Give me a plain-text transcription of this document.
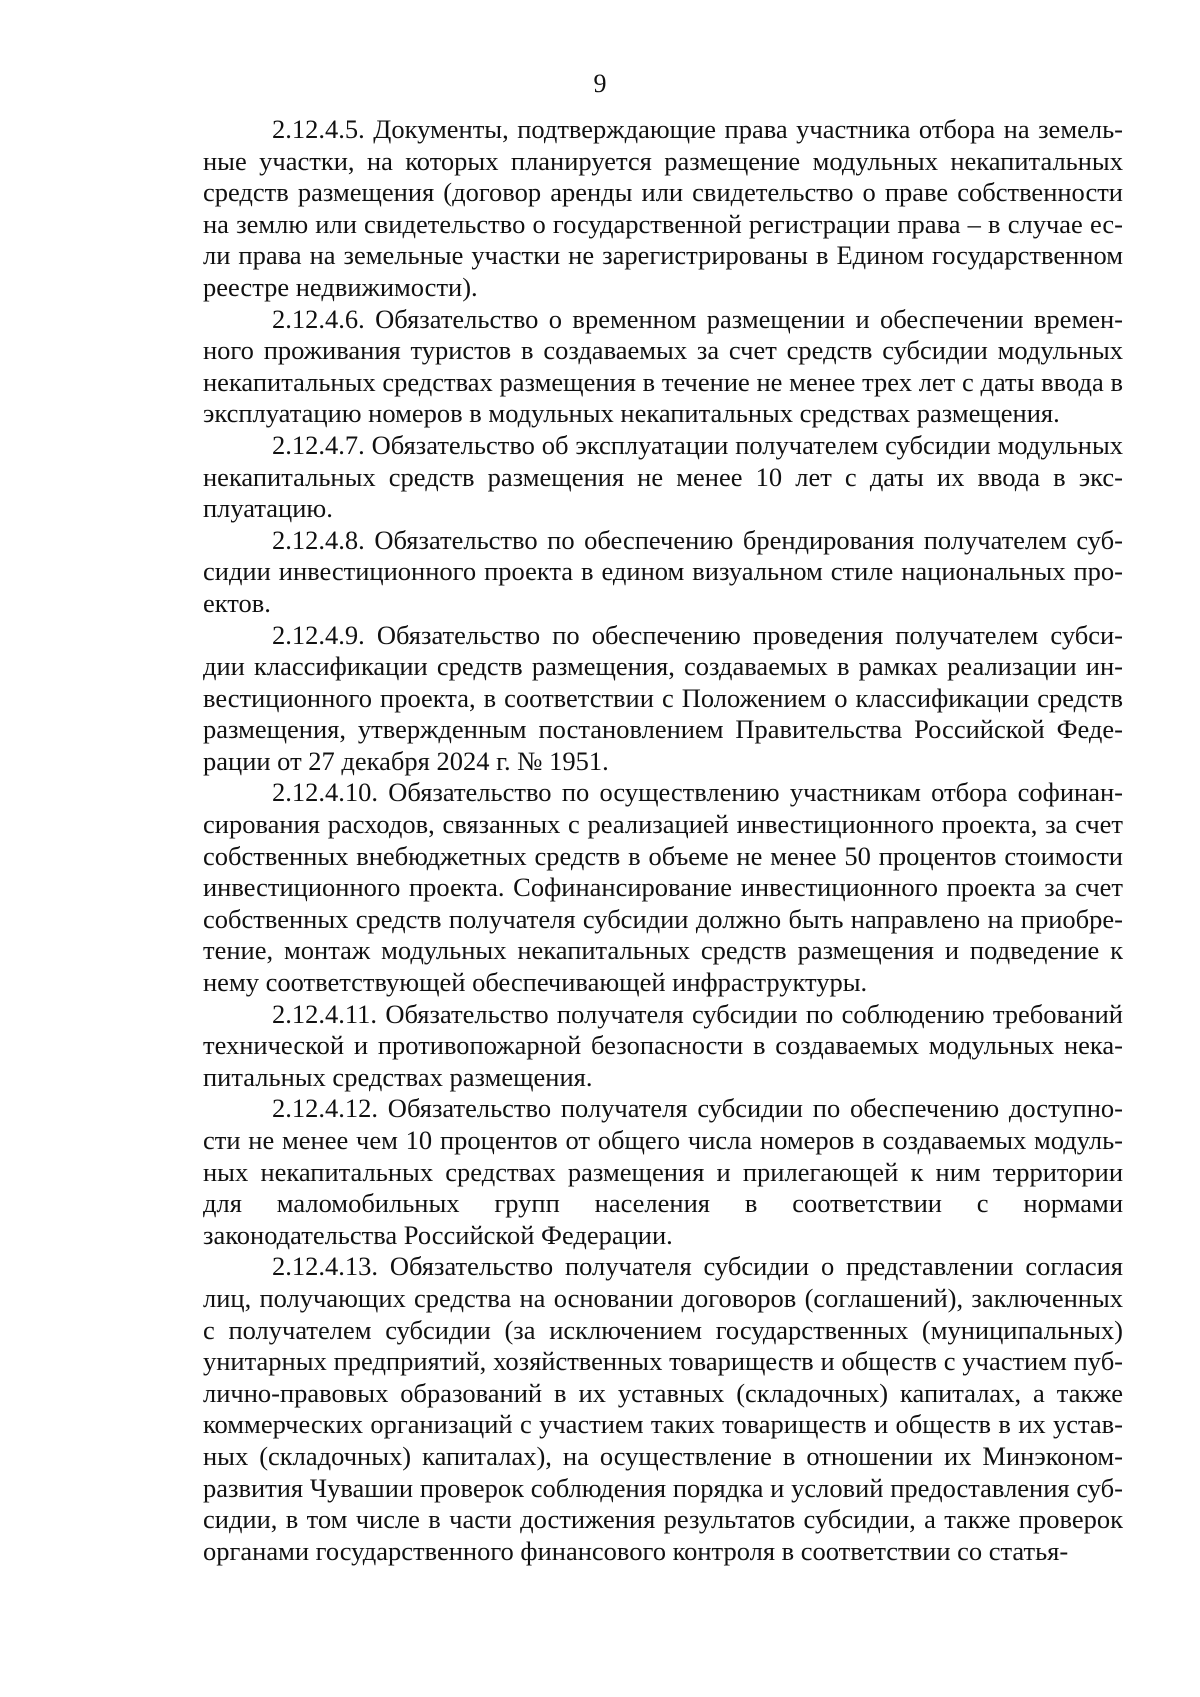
9

2.12.4.5. Документы, подтверждающие права участника отбора на земельные участки, на которых планируется размещение модульных некапитальных средств размещения (договор аренды или свидетельство о праве собственности на землю или свидетельство о государственной регистрации права – в случае если права на земельные участки не зарегистрированы в Едином государственном реестре недвижимости).

2.12.4.6. Обязательство о временном размещении и обеспечении временного проживания туристов в создаваемых за счет средств субсидии модульных некапитальных средствах размещения в течение не менее трех лет с даты ввода в эксплуатацию номеров в модульных некапитальных средствах размещения.

2.12.4.7. Обязательство об эксплуатации получателем субсидии модульных некапитальных средств размещения не менее 10 лет с даты их ввода в эксплуатацию.

2.12.4.8. Обязательство по обеспечению брендирования получателем субсидии инвестиционного проекта в едином визуальном стиле национальных проектов.

2.12.4.9. Обязательство по обеспечению проведения получателем субсидии классификации средств размещения, создаваемых в рамках реализации инвестиционного проекта, в соответствии с Положением о классификации средств размещения, утвержденным постановлением Правительства Российской Федерации от 27 декабря 2024 г. № 1951.

2.12.4.10. Обязательство по осуществлению участникам отбора софинансирования расходов, связанных с реализацией инвестиционного проекта, за счет собственных внебюджетных средств в объеме не менее 50 процентов стоимости инвестиционного проекта. Софинансирование инвестиционного проекта за счет собственных средств получателя субсидии должно быть направлено на приобретение, монтаж модульных некапитальных средств размещения и подведение к нему соответствующей обеспечивающей инфраструктуры.

2.12.4.11. Обязательство получателя субсидии по соблюдению требований технической и противопожарной безопасности в создаваемых модульных некапитальных средствах размещения.

2.12.4.12. Обязательство получателя субсидии по обеспечению доступности не менее чем 10 процентов от общего числа номеров в создаваемых модульных некапитальных средствах размещения и прилегающей к ним территории для маломобильных групп населения в соответствии с нормами законодательства Российской Федерации.

2.12.4.13. Обязательство получателя субсидии о представлении согласия лиц, получающих средства на основании договоров (соглашений), заключенных с получателем субсидии (за исключением государственных (муниципальных) унитарных предприятий, хозяйственных товариществ и обществ с участием публично-правовых образований в их уставных (складочных) капиталах, а также коммерческих организаций с участием таких товариществ и обществ в их уставных (складочных) капиталах), на осуществление в отношении их Минэкономразвития Чувашии проверок соблюдения порядка и условий предоставления субсидии, в том числе в части достижения результатов субсидии, а также проверок органами государственного финансового контроля в соответствии со статья-
